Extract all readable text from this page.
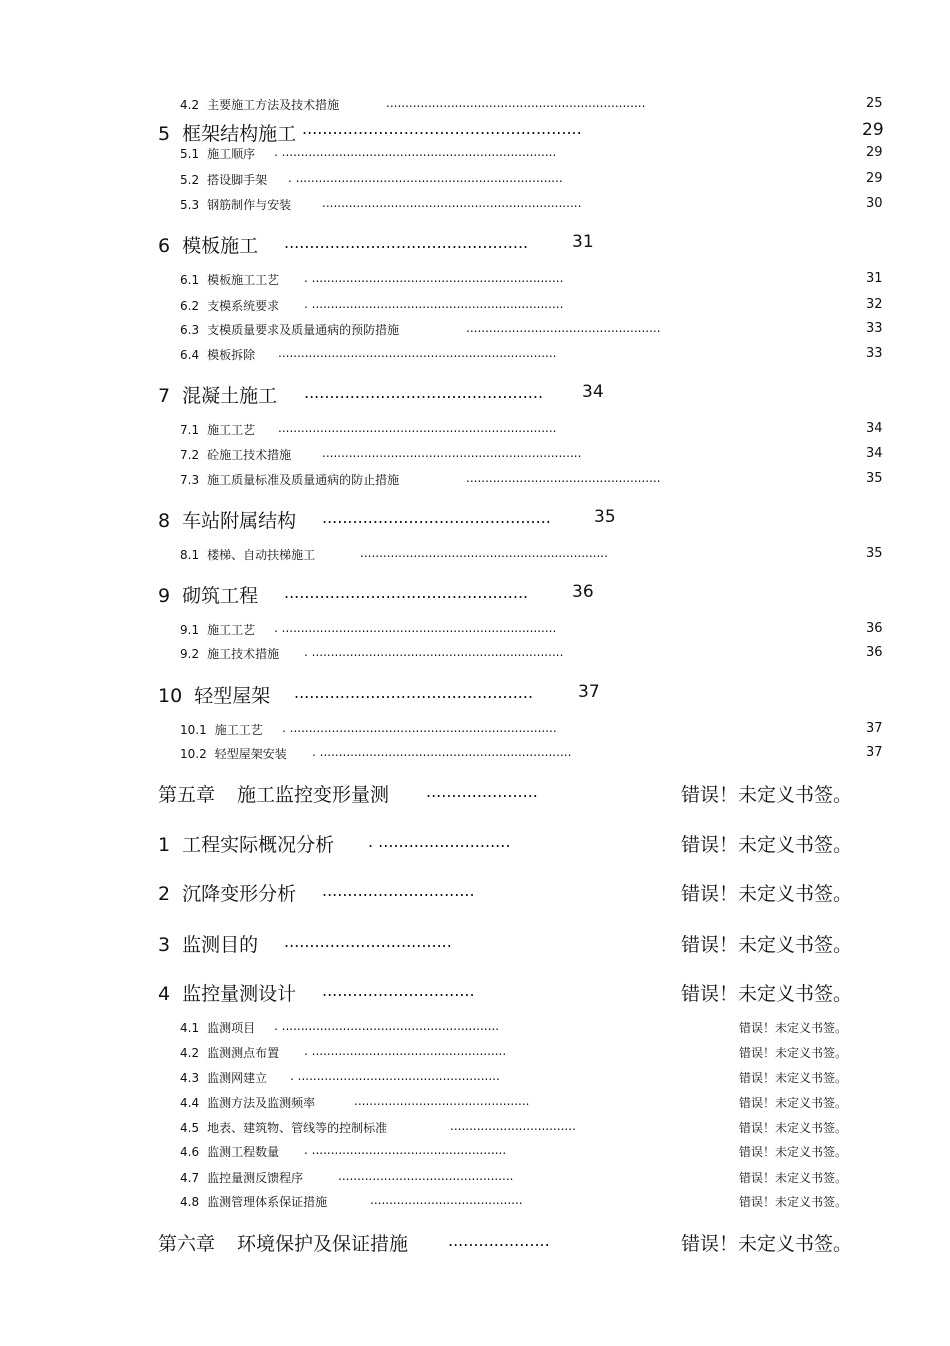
4.2 主要施工方法及技术措施	....................................................................	25
5 框架结构施工 .......................................................	29
5.1 施工顺序 . ........................................................................	29
5.2 搭设脚手架 . ......................................................................	29
5.3 钢筋制作与安装	....................................................................	30
6 模板施工 ................................................	31
6.1 模板施工工艺 . ..................................................................	31
6.2 支模系统要求 . ..................................................................	32
6.3 支模质量要求及质量通病的预防措施	...................................................	33
6.4 模板拆除 .........................................................................	33
7 混凝土施工 ............................................... 34
7.1 施工工艺 .........................................................................	34
7.2 砼施工技术措施	....................................................................	34
7.3 施工质量标准及质量通病的防止措施	...................................................	35
8 车站附属结构 .............................................	35
8.1 楼梯、自动扶梯施工	.................................................................	35
9 砌筑工程 ................................................	36
9.1 施工工艺 . ........................................................................	36
9.2 施工技术措施 . ..................................................................	36
10 轻型屋架 ...............................................	37
10.1 施工工艺 . ......................................................................	37
10.2 轻型屋架安装 . ..................................................................	37
第五章 施工监控变形量测 ......................	错误！未定义书签。
1 工程实际概况分析 . ..........................	错误！未定义书签。
2 沉降变形分析 ..............................	错误！未定义书签。
3 监测目的 .................................	错误！未定义书签。
4 监控量测设计 ..............................	错误！未定义书签。
4.1 监测项目 . .........................................................	错误！未定义书签。
4.2 监测测点布置 . ...................................................	错误！未定义书签。
4.3 监测网建立 . .....................................................	错误！未定义书签。
4.4 监测方法及监测频率	..............................................	错误！未定义书签。
4.5 地表、建筑物、管线等的控制标准	.................................	错误！未定义书签。
4.6 监测工程数量 . ...................................................	错误！未定义书签。
4.7 监控量测反馈程序	..............................................	错误！未定义书签。
4.8 监测管理体系保证措施	........................................	错误！未定义书签。
第六章 环境保护及保证措施 ....................	错误！未定义书签。
